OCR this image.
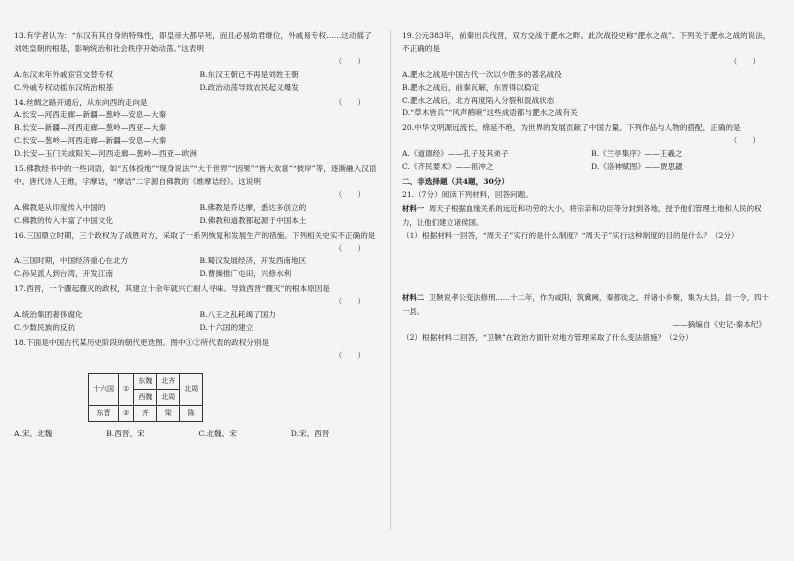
13.有学者认为：“东汉有其自身的特殊性，即皇帝大都早死，而且必易幼君继位，外戚易专权……这动摇了刘姓皇朝的根基，影响统治和社会秩序开始动荡。”这表明
（　　）
A.东汉末年外戚宦官交替专权	B.东汉王朝已不再是刘姓王朝
C.外戚专权动摇东汉统治根基	D.政治动荡导致农民起义爆发
14.丝绸之路开通后，从东向西的走向是	（　　）
A.长安—河西走廊—新疆—葱岭—安息—大秦
B.长安—新疆—河西走廊—葱岭—西亚—大秦
C.长安—葱岭—河西走廊—新疆—安息—大秦
D.长安—玉门关或阳关—河西走廊—葱岭—西亚—欧洲
15.佛教经书中的一些词语，如“五体投地”“现身说法”“大千世界”“因果”“皆大欢喜”“彼岸”等，逐渐融入汉语中。唐代诗人王维，字摩诘，“摩诘”二字源自佛教的《维摩诘经》。这说明
（　　）
A.佛教是从印度传入中国的	B.佛教是乔达摩，悉达多创立的
C.佛教的传入丰富了中国文化	D.佛教和道教都起源于中国本土
16.三国鼎立时期，三个政权为了战胜对方，采取了一系列恢复和发展生产的措施。下列相关史实不正确的是
（　　）
A.三国时期，中国经济重心在北方	B.蜀汉发展经济，开发西南地区
C.孙吴派人到台湾，开发江南	D.曹操推广屯田，兴修水利
17.西晋，一个骤起骤灭的政权，其建立十余年就兴亡耐人寻味。导致西晋“骤灭”的根本原因是
（　　）
A.统治集团奢侈腐化	B.八王之乱耗竭了国力
C.少数民族的反抗	D.十六国的建立
18.下面是中国古代某历史阶段的朝代更迭图。图中①②所代表的政权分别是
（　　）
十六国	①	东魏	北齐	北周
		西魏	北周	
东晋	②	齐	梁	陈
A.宋、北魏	B.西晋、宋	C.北魏、宋	D.宋、西晋
19.公元383年，前秦出兵伐晋，双方交战于淝水之畔。此次战役史称“淝水之战”。下列关于淝水之战的说法，不正确的是
（　　）
A.淝水之战是中国古代一次以少胜多的著名战役
B.淝水之战后，前秦瓦解，东晋得以稳定
C.淝水之战后，北方再度陷入分裂和混战状态
D.“草木皆兵”“风声鹤唳”这些成语都与淝水之战有关
20.中华文明源远流长，绵延不绝，为世界的发展贡献了中国力量。下列作品与人物的搭配，正确的是
（　　）
A.《道德经》——孔子及其弟子	B.《兰亭集序》——王羲之
C.《齐民要术》——祖冲之	D.《洛神赋图》——贾思勰
二、非选择题（共4题，30分）
21.（7分）阅读下列材料，回答问题。
材料一 周天子根据血缘关系的远近和功劳的大小，将宗亲和功臣等分封到各地，授予他们管理土地和人民的权力，让他们建立诸侯国。
（1）根据材料一回答，“周天子”实行的是什么制度？“周天子”实行这种制度的目的是什么？（2分）
材料二 卫鞅说孝公变法修刑……十二年，作为咸阳，筑冀阙，秦都徙之。并诸小乡聚，集为大县，县一令，四十一县。
——摘编自《史记·秦本纪》
（2）根据材料二回答，“卫鞅”在政治方面针对地方管理采取了什么变法措施？（2分）
